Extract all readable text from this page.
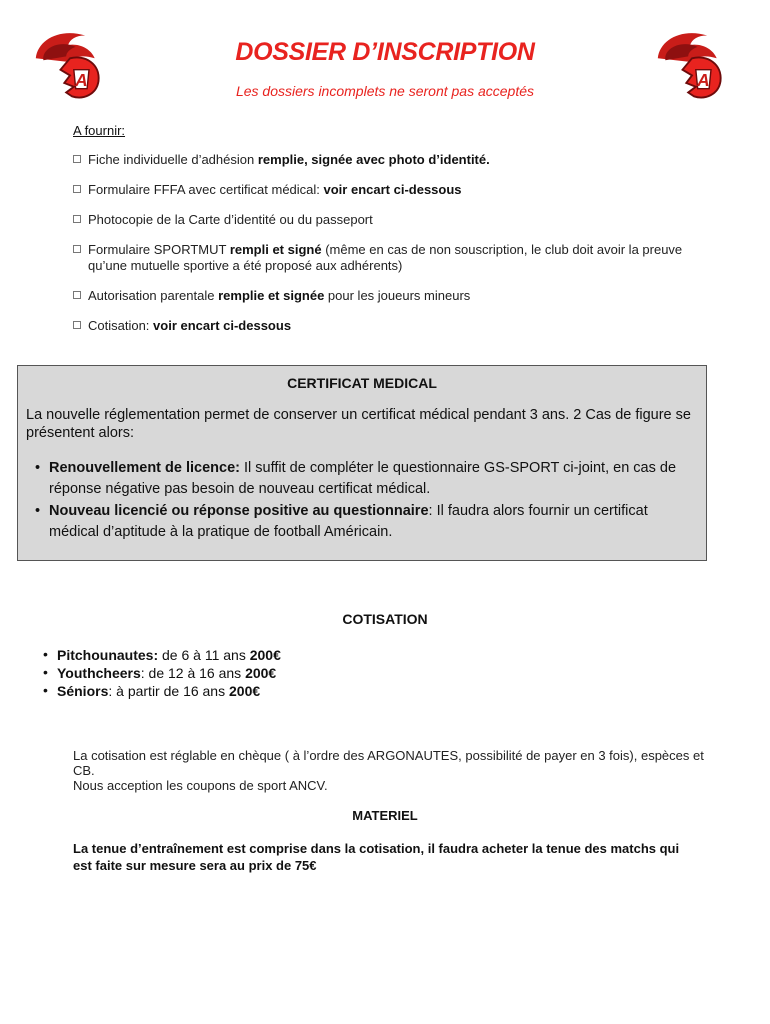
A	A
DOSSIER D’INSCRIPTION
Les dossiers incomplets ne seront pas acceptés
A fournir:
Fiche individuelle d’adhésion remplie, signée avec photo d’identité.
Formulaire FFFA avec certificat médical: voir encart ci-dessous
Photocopie de la Carte d’identité ou du passeport
Formulaire SPORTMUT rempli et signé (même en cas de non souscription, le club doit avoir la preuve qu’une mutuelle sportive a été proposé aux adhérents)
Autorisation parentale remplie et signée pour les joueurs mineurs
Cotisation: voir encart ci-dessous
CERTIFICAT MEDICAL
La nouvelle réglementation permet de conserver un certificat médical pendant 3 ans. 2 Cas de figure se présentent alors:
• Renouvellement de licence: Il suffit de compléter le questionnaire GS-SPORT ci-joint, en cas de réponse négative pas besoin de nouveau certificat médical.
• Nouveau licencié ou réponse positive au questionnaire: Il faudra alors fournir un certificat médical d’aptitude à la pratique de football Américain.
COTISATION
• Pitchounautes: de 6 à 11 ans 200€
• Youthcheers: de 12 à 16 ans 200€
• Séniors: à partir de 16 ans 200€
La cotisation est réglable en chèque ( à l’ordre des ARGONAUTES, possibilité de payer en 3 fois), espèces et CB.
Nous acception les coupons de sport ANCV.
MATERIEL
La tenue d’entraînement est comprise dans la cotisation, il faudra acheter la tenue des matchs qui est faite sur mesure sera au prix de 75€
